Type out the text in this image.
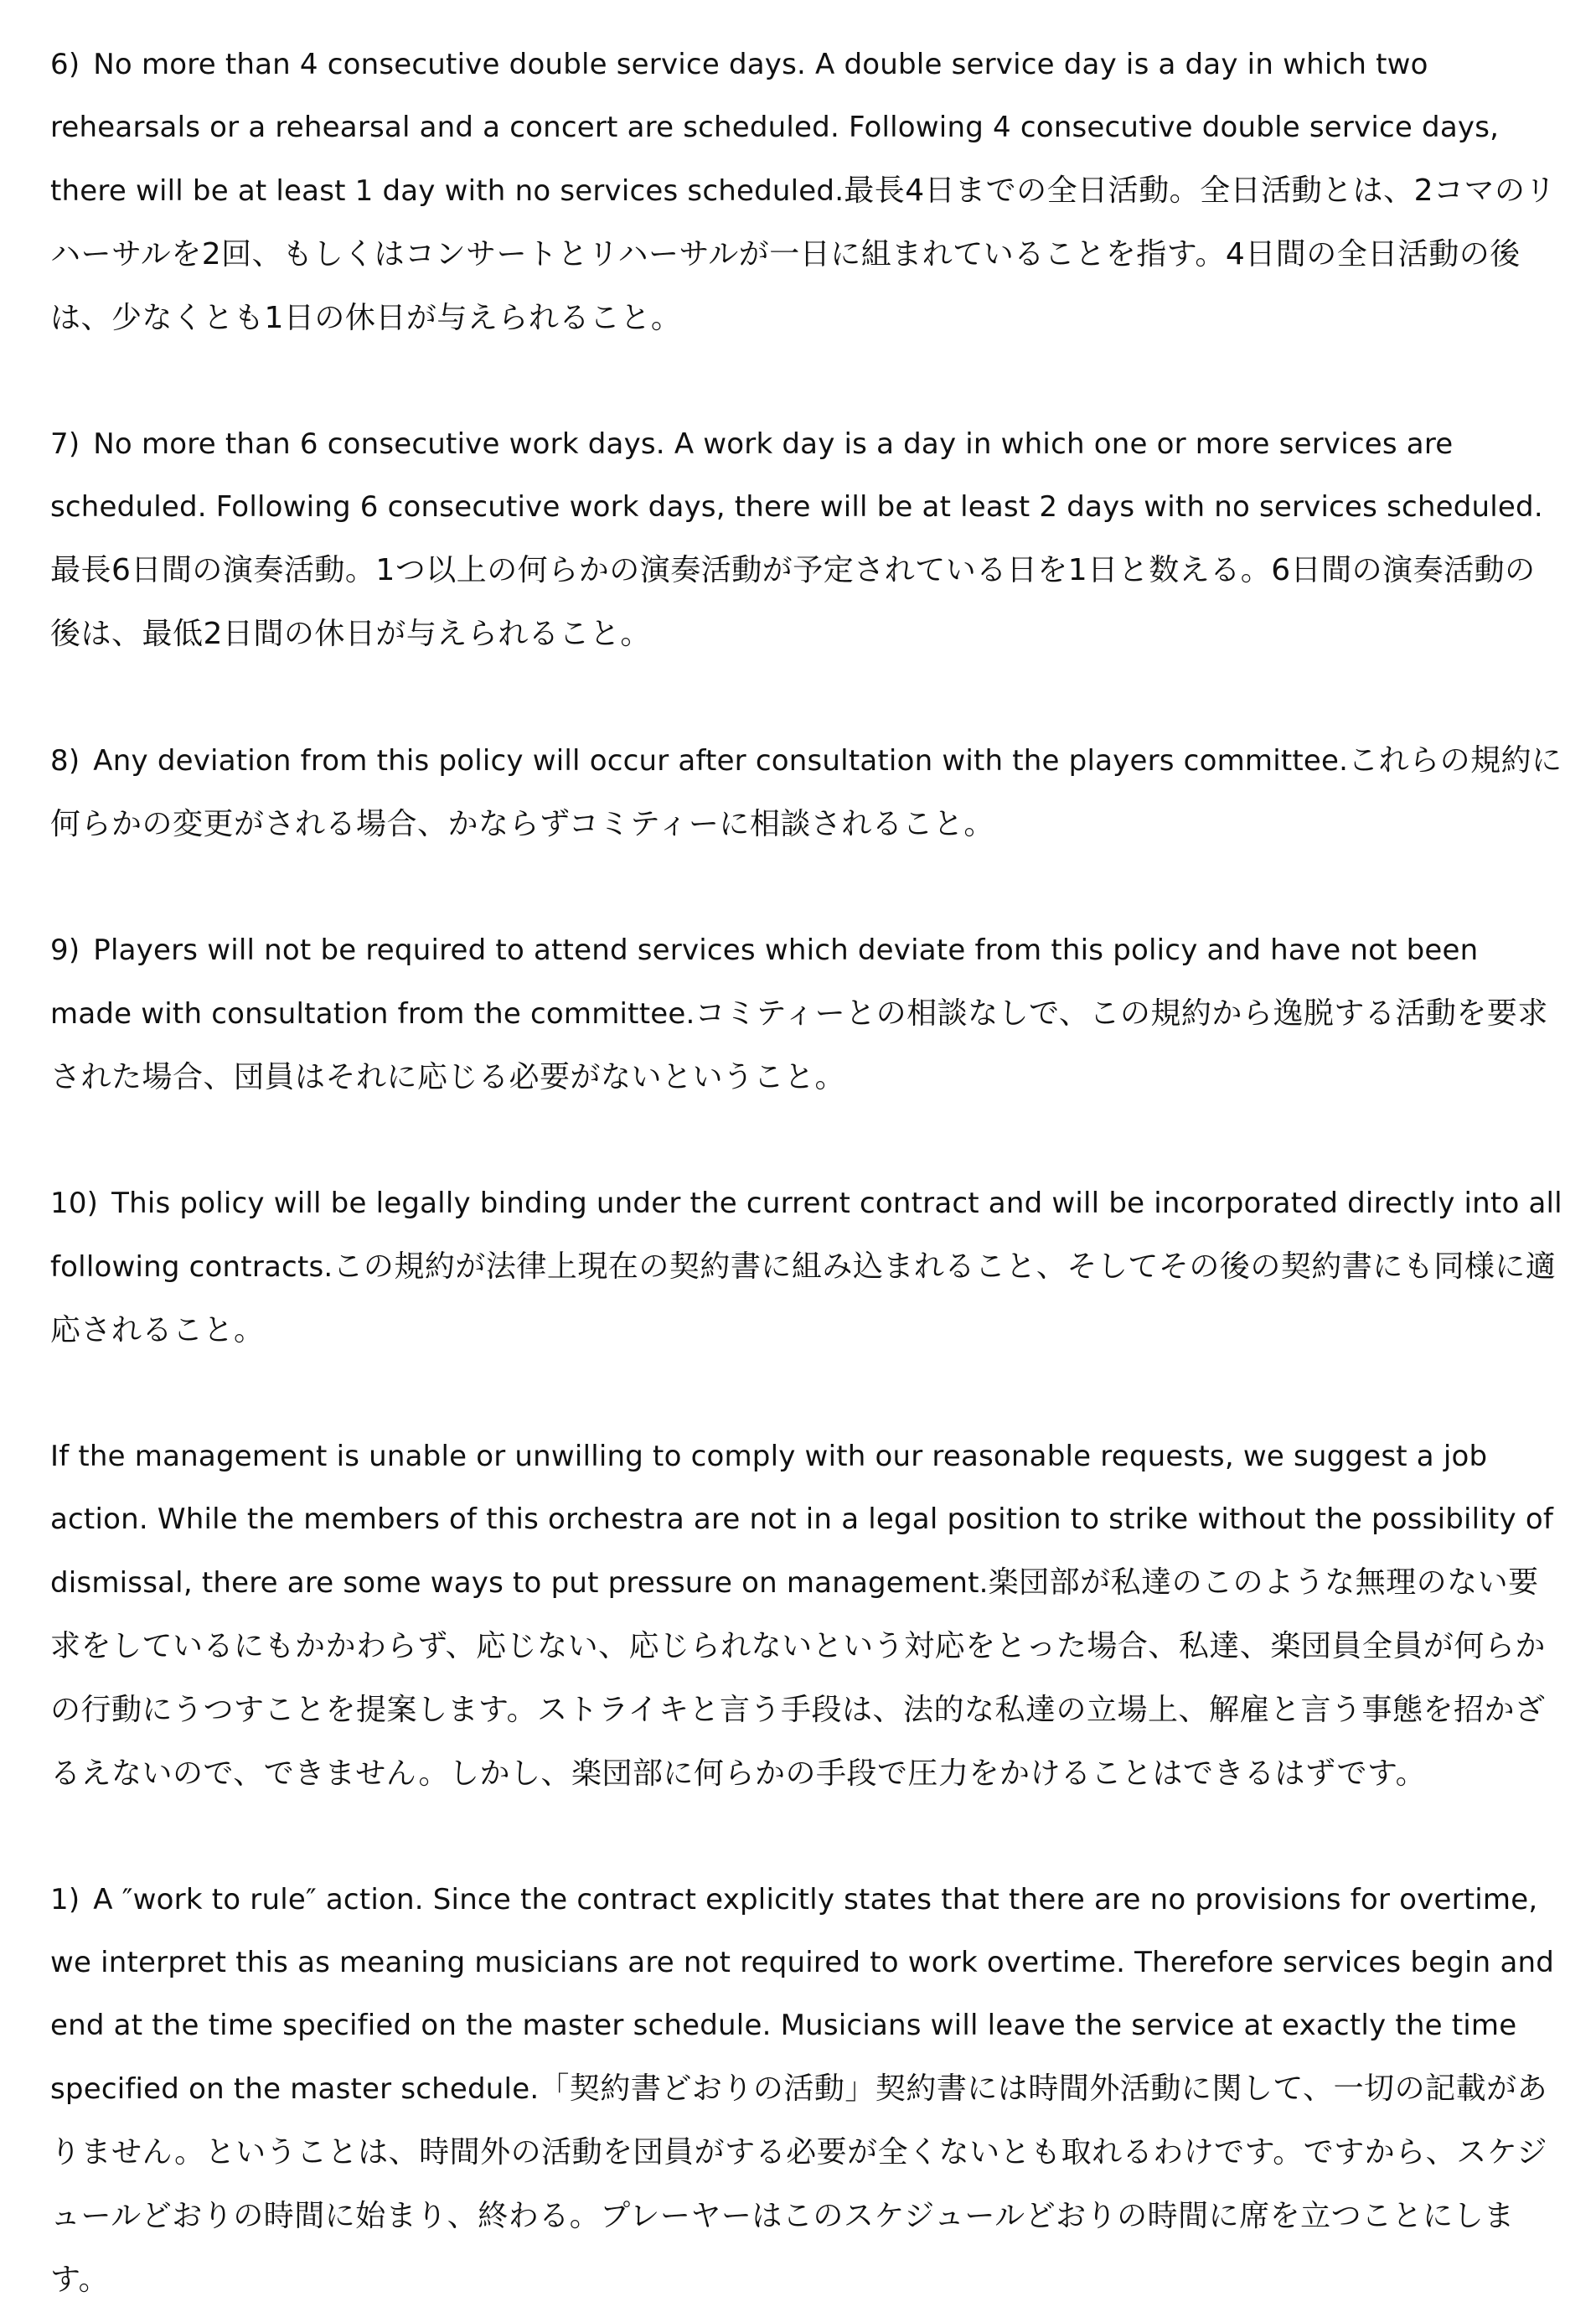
6) No more than 4 consecutive double service days. A double service day is a day in which two rehearsals or a rehearsal and a concert are scheduled. Following 4 consecutive double service days, there will be at least 1 day with no services scheduled.最長4日までの全日活動。全日活動とは、2コマのリハーサルを2回、もしくはコンサートとリハーサルが一日に組まれていることを指す。4日間の全日活動の後は、少なくとも1日の休日が与えられること。

7) No more than 6 consecutive work days. A work day is a day in which one or more services are scheduled. Following 6 consecutive work days, there will be at least 2 days with no services scheduled.最長6日間の演奏活動。1つ以上の何らかの演奏活動が予定されている日を1日と数える。6日間の演奏活動の後は、最低2日間の休日が与えられること。

8) Any deviation from this policy will occur after consultation with the players committee.これらの規約に何らかの変更がされる場合、かならずコミティーに相談されること。

9) Players will not be required to attend services which deviate from this policy and have not been made with consultation from the committee.コミティーとの相談なしで、この規約から逸脱する活動を要求された場合、団員はそれに応じる必要がないということ。

10) This policy will be legally binding under the current contract and will be incorporated directly into all following contracts.この規約が法律上現在の契約書に組み込まれること、そしてその後の契約書にも同様に適応されること。

If the management is unable or unwilling to comply with our reasonable requests, we suggest a job action. While the members of this orchestra are not in a legal position to strike without the possibility of dismissal, there are some ways to put pressure on management.楽団部が私達のこのような無理のない要求をしているにもかかわらず、応じない、応じられないという対応をとった場合、私達、楽団員全員が何らかの行動にうつすことを提案します。ストライキと言う手段は、法的な私達の立場上、解雇と言う事態を招かざるえないので、できません。しかし、楽団部に何らかの手段で圧力をかけることはできるはずです。

1) A ″work to rule″ action. Since the contract explicitly states that there are no provisions for overtime, we interpret this as meaning musicians are not required to work overtime. Therefore services begin and end at the time specified on the master schedule. Musicians will leave the service at exactly the time specified on the master schedule.「契約書どおりの活動」契約書には時間外活動に関して、一切の記載がありません。ということは、時間外の活動を団員がする必要が全くないとも取れるわけです。ですから、スケジュールどおりの時間に始まり、終わる。プレーヤーはこのスケジュールどおりの時間に席を立つことにします。
